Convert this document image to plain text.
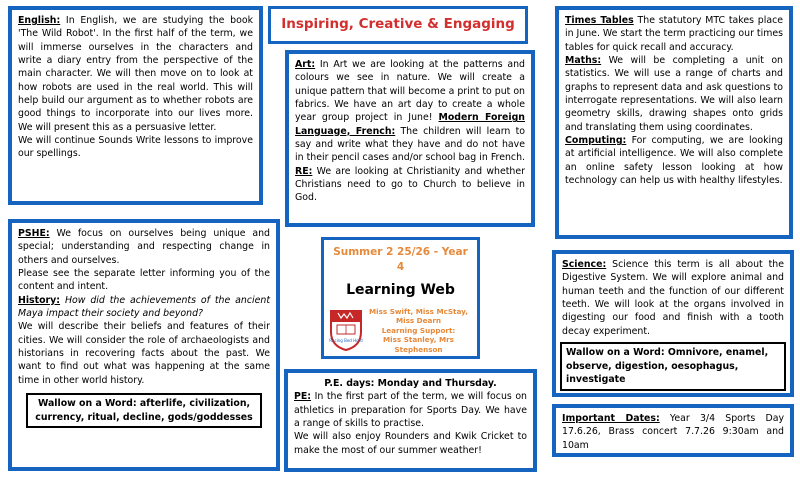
Inspiring, Creative & Engaging

English: In English, we are studying the book 'The Wild Robot'. In the first half of the term, we will immerse ourselves in the characters and write a diary entry from the perspective of the main character. We will then move on to look at how robots are used in the real world. This will help build our argument as to whether robots are good things to incorporate into our lives more. We will present this as a persuasive letter.

We will continue Sounds Write lessons to improve our spellings.

Art: In Art we are looking at the patterns and colours we see in nature. We will create a unique pattern that will become a print to put on fabrics. We have an art day to create a whole year group project in June! Modern Foreign Language, French: The children will learn to say and write what they have and do not have in their pencil cases and/or school bag in French. RE: We are looking at Christianity and whether Christians need to go to Church to believe in God.

Times Tables The statutory MTC takes place in June. We start the term practicing our times tables for quick recall and accuracy.

Maths: We will be completing a unit on statistics. We will use a range of charts and graphs to represent data and ask questions to interrogate representations. We will also learn geometry skills, drawing shapes onto grids and translating them using coordinates.

Computing: For computing, we are looking at artificial intelligence. We will also complete an online safety lesson looking at how technology can help us with healthy lifestyles.

PSHE: We focus on ourselves being unique and special; understanding and respecting change in others and ourselves.

Please see the separate letter informing you of the content and intent.

History: How did the achievements of the ancient Maya impact their society and beyond?

We will describe their beliefs and features of their cities. We will consider the role of archaeologists and historians in recovering facts about the past. We want to find out what was happening at the same time in other world history.

Wallow on a Word: afterlife, civilization, currency, ritual, decline, gods/goddesses
Summer 2 25/26 - Year 4
Learning Web
Racing Bed Hord
Miss Swift, Miss McStay, Miss Dearn
Learning Support:
Miss Stanley, Mrs Stephenson

Science: Science this term is all about the Digestive System. We will explore animal and human teeth and the function of our different teeth. We will look at the organs involved in digesting our food and finish with a tooth decay experiment.

Wallow on a Word: Omnivore, enamel, observe, digestion, oesophagus, investigate

P.E. days: Monday and Thursday.

PE: In the first part of the term, we will focus on athletics in preparation for Sports Day. We have a range of skills to practise.

We will also enjoy Rounders and Kwik Cricket to make the most of our summer weather!

Important Dates: Year 3/4 Sports Day 17.6.26, Brass concert 7.7.26 9:30am and 10am
